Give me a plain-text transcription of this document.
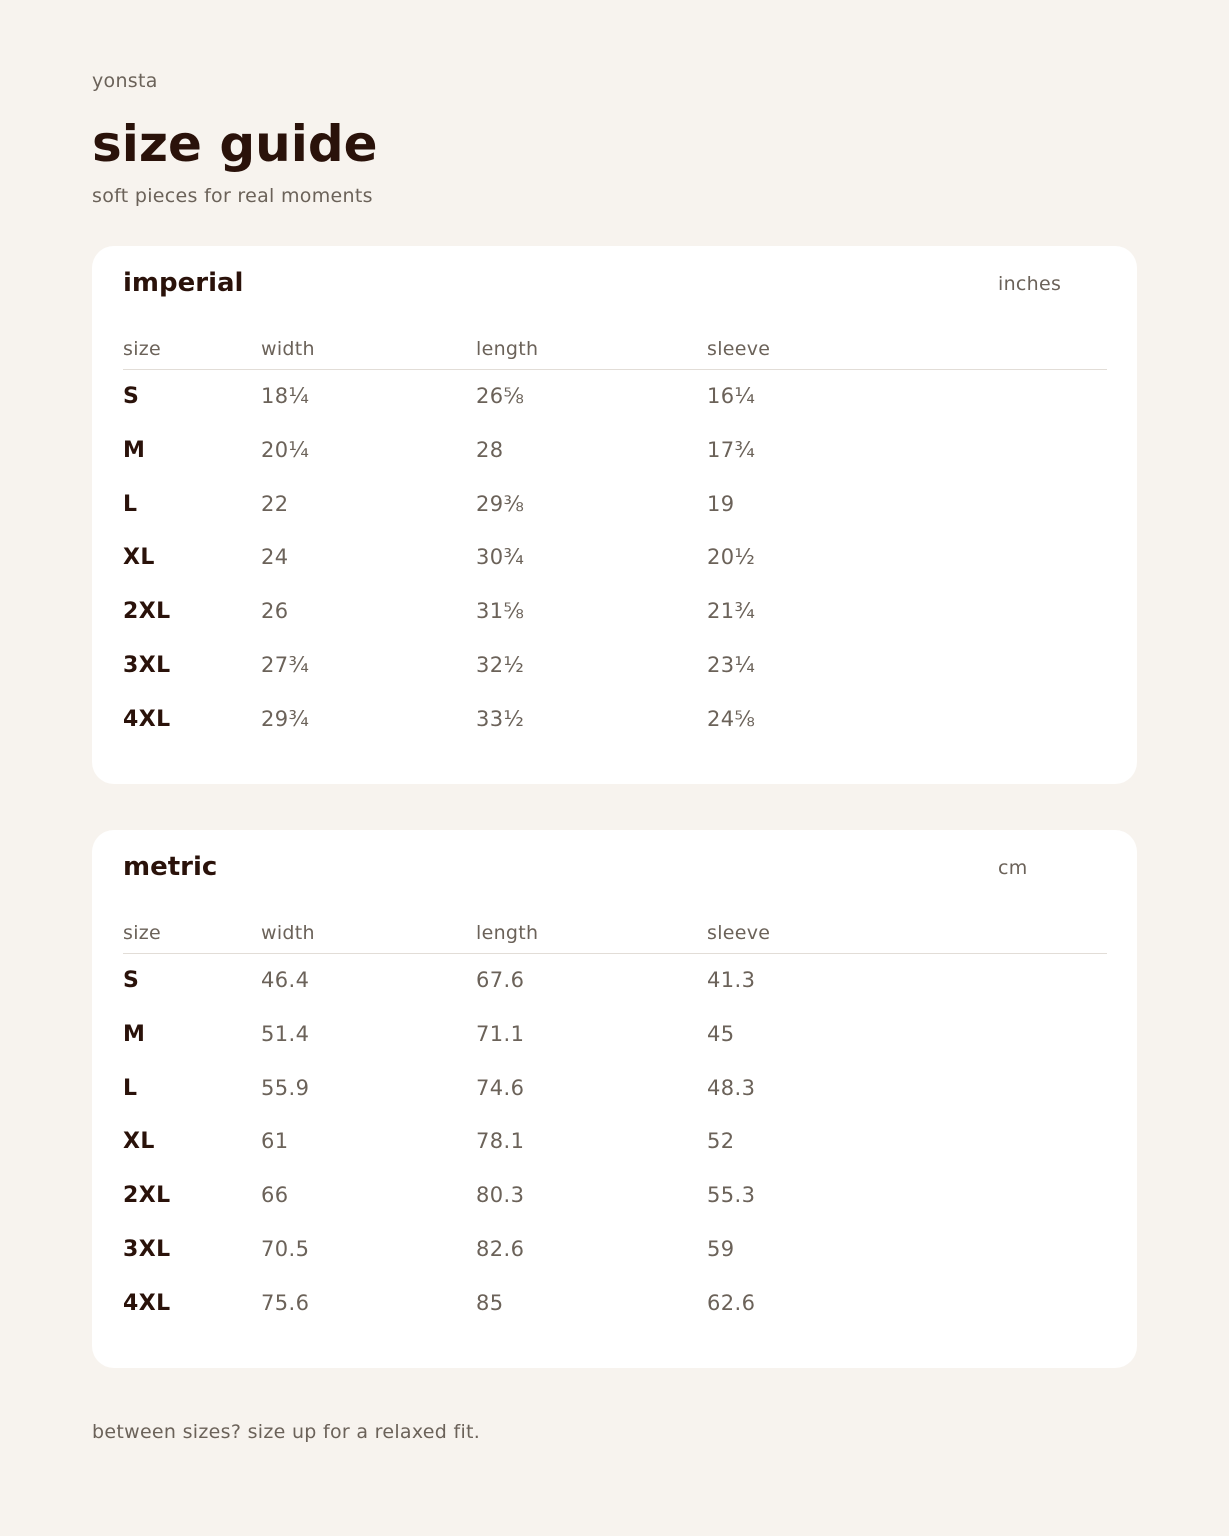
yonsta
size guide
soft pieces for real moments
imperial	inches
size	width	length	sleeve
S	18¼	26⅝	16¼
M	20¼	28	17¾
L	22	29⅜	19
XL	24	30¾	20½
2XL	26	31⅝	21¾
3XL	27¾	32½	23¼
4XL	29¾	33½	24⅝
metric	cm
size	width	length	sleeve
S	46.4	67.6	41.3
M	51.4	71.1	45
L	55.9	74.6	48.3
XL	61	78.1	52
2XL	66	80.3	55.3
3XL	70.5	82.6	59
4XL	75.6	85	62.6
between sizes? size up for a relaxed fit.
